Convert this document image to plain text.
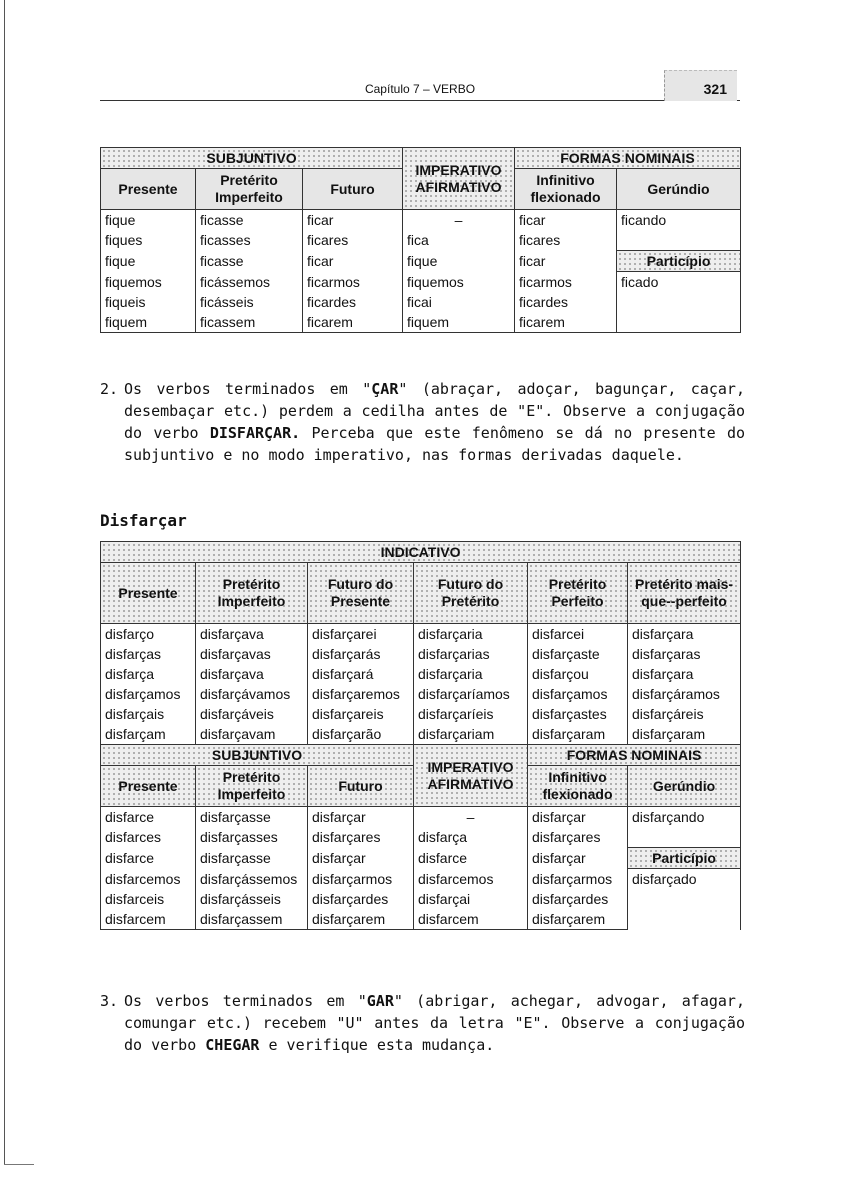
Capítulo 7 – VERBO	321
SUBJUNTIVO			IMPERATIVO AFIRMATIVO	FORMAS NOMINAIS	
Presente	Pretérito Imperfeito	Futuro		Infinitivo flexionado	Gerúndio
fique	ficasse	ficar	–	ficar	ficando
fiques	ficasses	ficares	fica	ficares	
fique	ficasse	ficar	fique	ficar	Particípio
fiquemos	ficássemos	ficarmos	fiquemos	ficarmos	ficado
fiqueis	ficásseis	ficardes	ficai	ficardes	
fiquem	ficassem	ficarem	fiquem	ficarem	
2. Os verbos terminados em "ÇAR" (abraçar, adoçar, bagunçar, caçar, desembaçar etc.) perdem a cedilha antes de "E". Observe a conjugação do verbo DISFARÇAR. Perceba que este fenômeno se dá no presente do subjuntivo e no modo imperativo, nas formas derivadas daquele.
Disfarçar
INDICATIVO					
Presente	Pretérito Imperfeito	Futuro do Presente	Futuro do Pretérito	Pretérito Perfeito	Pretérito mais-que--perfeito
disfarço	disfarçava	disfarçarei	disfarçaria	disfarcei	disfarçara
disfarças	disfarçavas	disfarçarás	disfarçarias	disfarçaste	disfarçaras
disfarça	disfarçava	disfarçará	disfarçaria	disfarçou	disfarçara
disfarçamos	disfarçávamos	disfarçaremos	disfarçaríamos	disfarçamos	disfarçáramos
disfarçais	disfarçáveis	disfarçareis	disfarçaríeis	disfarçastes	disfarçáreis
disfarçam	disfarçavam	disfarçarão	disfarçariam	disfarçaram	disfarçaram
SUBJUNTIVO			IMPERATIVO AFIRMATIVO	FORMAS NOMINAIS	
Presente	Pretérito Imperfeito	Futuro		Infinitivo flexionado	Gerúndio
disfarce	disfarçasse	disfarçar	–	disfarçar	disfarçando
disfarces	disfarçasses	disfarçares	disfarça	disfarçares	
disfarce	disfarçasse	disfarçar	disfarce	disfarçar	Particípio
disfarcemos	disfarçássemos	disfarçarmos	disfarcemos	disfarçarmos	disfarçado
disfarceis	disfarçásseis	disfarçardes	disfarçai	disfarçardes	
disfarcem	disfarçassem	disfarçarem	disfarcem	disfarçarem	
3. Os verbos terminados em "GAR" (abrigar, achegar, advogar, afagar, comungar etc.) recebem "U" antes da letra "E". Observe a conjugação do verbo CHEGAR e verifique esta mudança.
